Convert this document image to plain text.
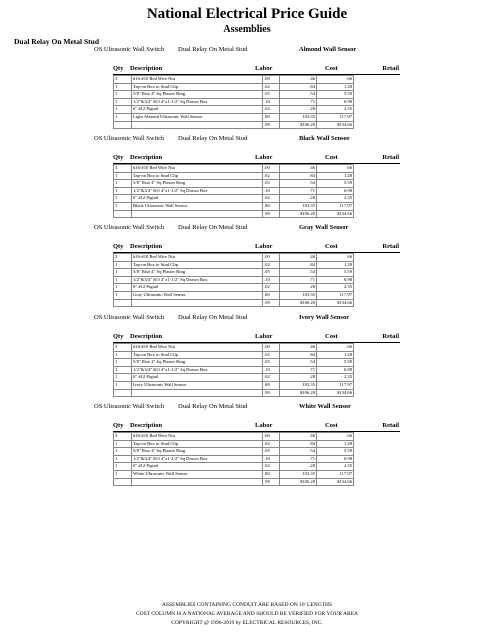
National Electrical Price Guide
Assemblies
Dual Relay On Metal Stud
OS Ultrasonic Wall Switch Dual Relay On Metal Stud	Almond Wall Sensor
Qty Description	Labor	Cost	Retail
3	#16-#10 Red Wire Nut	.00	.46	.66
1	Tap-on Box to Stud Clip	.02	.84	1.28
1	5/8" Rise 4" Sq Plaster Ring	.05	.54	5.59
1	1/2"&3/4" KO 4"x1-1/2" Sq Drawn Box	.10	.71	6.98
1	6" #12 Pigtail	.02	.28	2.35
1	Light Almond Ultrasonic Wall Sensor	.80	103.35	117.97
		.99	$106.20	$134.66
OS Ultrasonic Wall Switch Dual Relay On Metal Stud	Black Wall Sensor
Qty Description	Labor	Cost	Retail
3	#16-#10 Red Wire Nut	.00	.46	.66
1	Tap-on Box to Stud Clip	.02	.84	1.28
1	5/8" Rise 4" Sq Plaster Ring	.05	.54	5.59
1	1/2"&3/4" KO 4"x1-1/2" Sq Drawn Box	.10	.71	6.98
1	6" #12 Pigtail	.02	.28	2.35
1	Black Ultrasonic Wall Sensor	.80	103.35	117.97
		.99	$106.20	$134.66
OS Ultrasonic Wall Switch Dual Relay On Metal Stud	Gray Wall Sensor
Qty Description	Labor	Cost	Retail
3	#16-#10 Red Wire Nut	.00	.46	.66
1	Tap-on Box to Stud Clip	.02	.84	1.28
1	5/8" Rise 4" Sq Plaster Ring	.05	.54	5.59
1	1/2"&3/4" KO 4"x1-1/2" Sq Drawn Box	.10	.71	6.98
1	6" #12 Pigtail	.02	.28	2.35
1	Gray Ultrasonic Wall Sensor	.80	103.35	117.97
		.99	$106.20	$134.66
OS Ultrasonic Wall Switch Dual Relay On Metal Stud	Ivory Wall Sensor
Qty Description	Labor	Cost	Retail
3	#16-#10 Red Wire Nut	.00	.46	.66
1	Tap-on Box to Stud Clip	.02	.84	1.28
1	5/8" Rise 4" Sq Plaster Ring	.05	.54	5.59
1	1/2"&3/4" KO 4"x1-1/2" Sq Drawn Box	.10	.71	6.98
1	6" #12 Pigtail	.02	.28	2.35
1	Ivory Ultrasonic Wall Sensor	.80	103.35	117.97
		.99	$106.20	$134.66
OS Ultrasonic Wall Switch Dual Relay On Metal Stud	White Wall Sensor
Qty Description	Labor	Cost	Retail
3	#16-#10 Red Wire Nut	.00	.46	.66
1	Tap-on Box to Stud Clip	.02	.84	1.28
1	5/8" Rise 4" Sq Plaster Ring	.05	.54	5.59
1	1/2"&3/4" KO 4"x1-1/2" Sq Drawn Box	.10	.71	6.98
1	6" #12 Pigtail	.02	.28	2.35
1	White Ultrasonic Wall Sensor	.80	103.35	117.97
		.99	$106.20	$134.66
ASSEMBLIES CONTAINING CONDUIT ARE BASED ON 10' LENGTHS
COST COLUMN IS A NATIONAL AVERAGE AND SHOULD BE VERIFIED FOR YOUR AREA
COPYRIGHT @ 1996-2019 by ELECTRICAL RESOURCES, INC.
